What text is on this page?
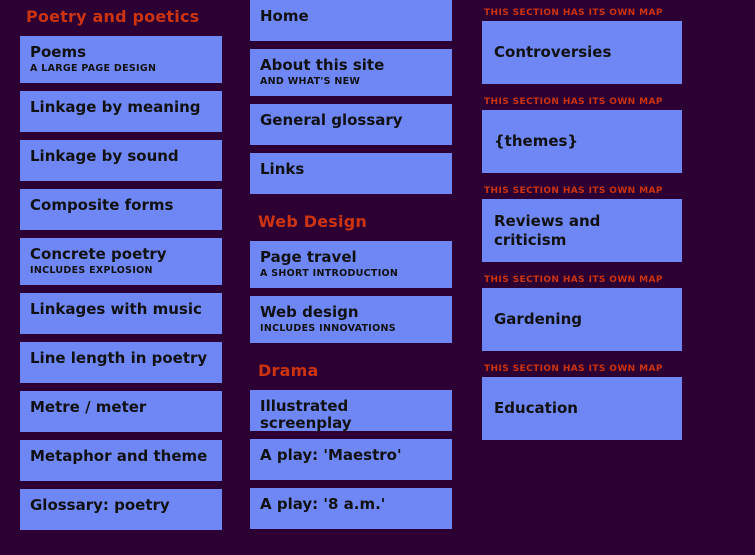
Poetry and poetics
Poems
A LARGE PAGE DESIGN
Linkage by meaning
Linkage by sound
Composite forms
Concrete poetry
INCLUDES EXPLOSION
Linkages with music
Line length in poetry
Metre / meter
Metaphor and theme
Glossary: poetry
Home
About this site
AND WHAT'S NEW
General glossary
Links
Web Design
Page travel
A SHORT INTRODUCTION
Web design
INCLUDES INNOVATIONS
Drama
Illustrated screenplay
A play: 'Maestro'
A play: '8 a.m.'
THIS SECTION HAS ITS OWN MAP
Controversies
THIS SECTION HAS ITS OWN MAP
{themes}
THIS SECTION HAS ITS OWN MAP
Reviews and criticism
THIS SECTION HAS ITS OWN MAP
Gardening
THIS SECTION HAS ITS OWN MAP
Education
